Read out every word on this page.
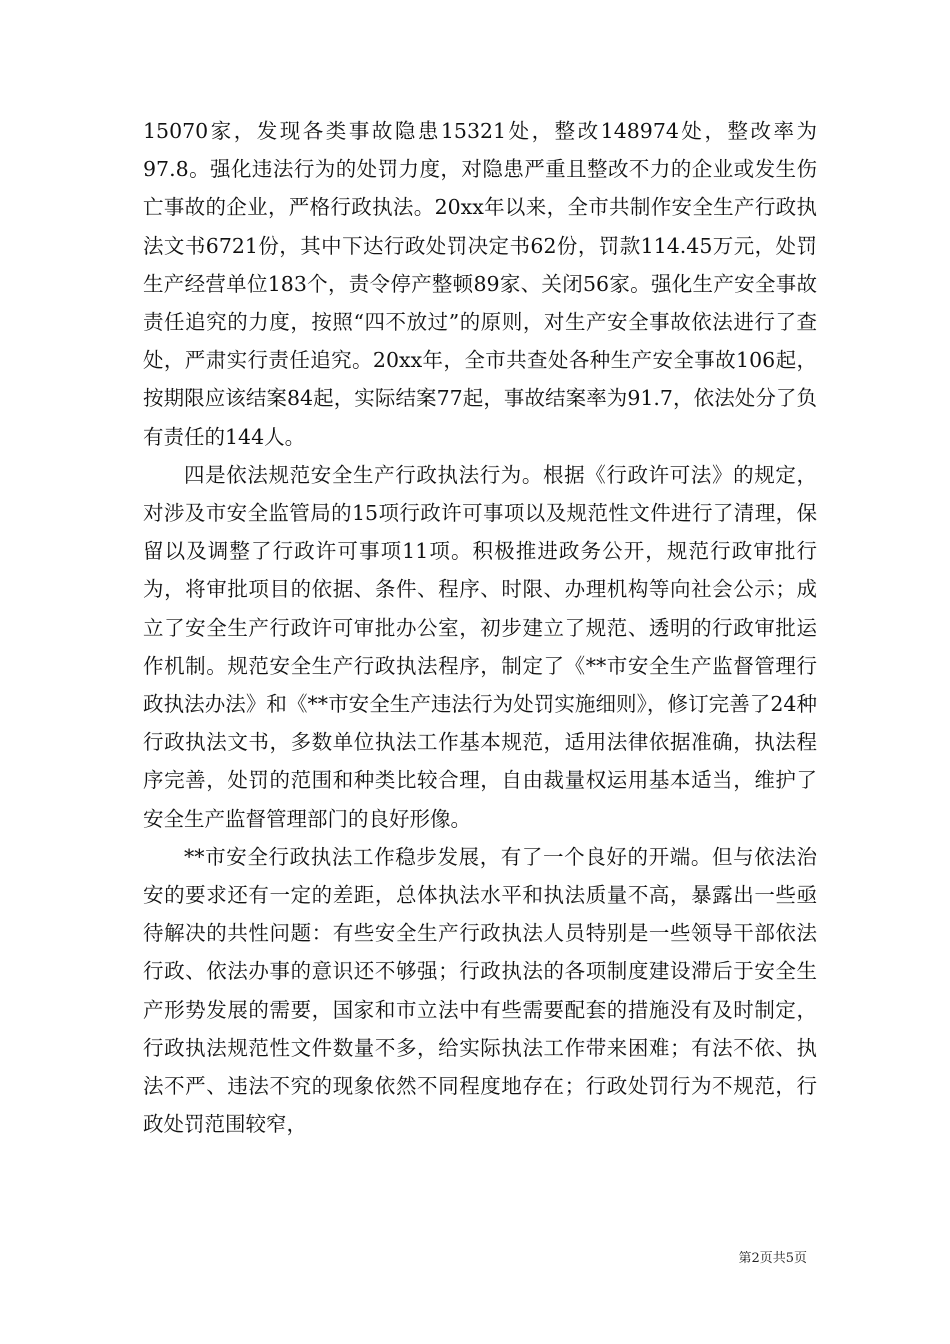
15070家，发现各类事故隐患15321处，整改148974处，整改率为97.8。强化违法行为的处罚力度，对隐患严重且整改不力的企业或发生伤亡事故的企业，严格行政执法。20xx年以来，全市共制作安全生产行政执法文书6721份，其中下达行政处罚决定书62份，罚款114.45万元，处罚生产经营单位183个，责令停产整顿89家、关闭56家。强化生产安全事故责任追究的力度，按照“四不放过”的原则，对生产安全事故依法进行了查处，严肃实行责任追究。20xx年，全市共查处各种生产安全事故106起，按期限应该结案84起，实际结案77起，事故结案率为91.7，依法处分了负有责任的144人。

四是依法规范安全生产行政执法行为。根据《行政许可法》的规定，对涉及市安全监管局的15项行政许可事项以及规范性文件进行了清理，保留以及调整了行政许可事项11项。积极推进政务公开，规范行政审批行为，将审批项目的依据、条件、程序、时限、办理机构等向社会公示；成立了安全生产行政许可审批办公室，初步建立了规范、透明的行政审批运作机制。规范安全生产行政执法程序，制定了《**市安全生产监督管理行政执法办法》和《**市安全生产违法行为处罚实施细则》，修订完善了24种行政执法文书，多数单位执法工作基本规范，适用法律依据准确，执法程序完善，处罚的范围和种类比较合理，自由裁量权运用基本适当，维护了安全生产监督管理部门的良好形像。

**市安全行政执法工作稳步发展，有了一个良好的开端。但与依法治安的要求还有一定的差距，总体执法水平和执法质量不高，暴露出一些亟待解决的共性问题：有些安全生产行政执法人员特别是一些领导干部依法行政、依法办事的意识还不够强；行政执法的各项制度建设滞后于安全生产形势发展的需要，国家和市立法中有些需要配套的措施没有及时制定，行政执法规范性文件数量不多，给实际执法工作带来困难；有法不依、执法不严、违法不究的现象依然不同程度地存在；行政处罚行为不规范，行政处罚范围较窄，

第2页共5页
